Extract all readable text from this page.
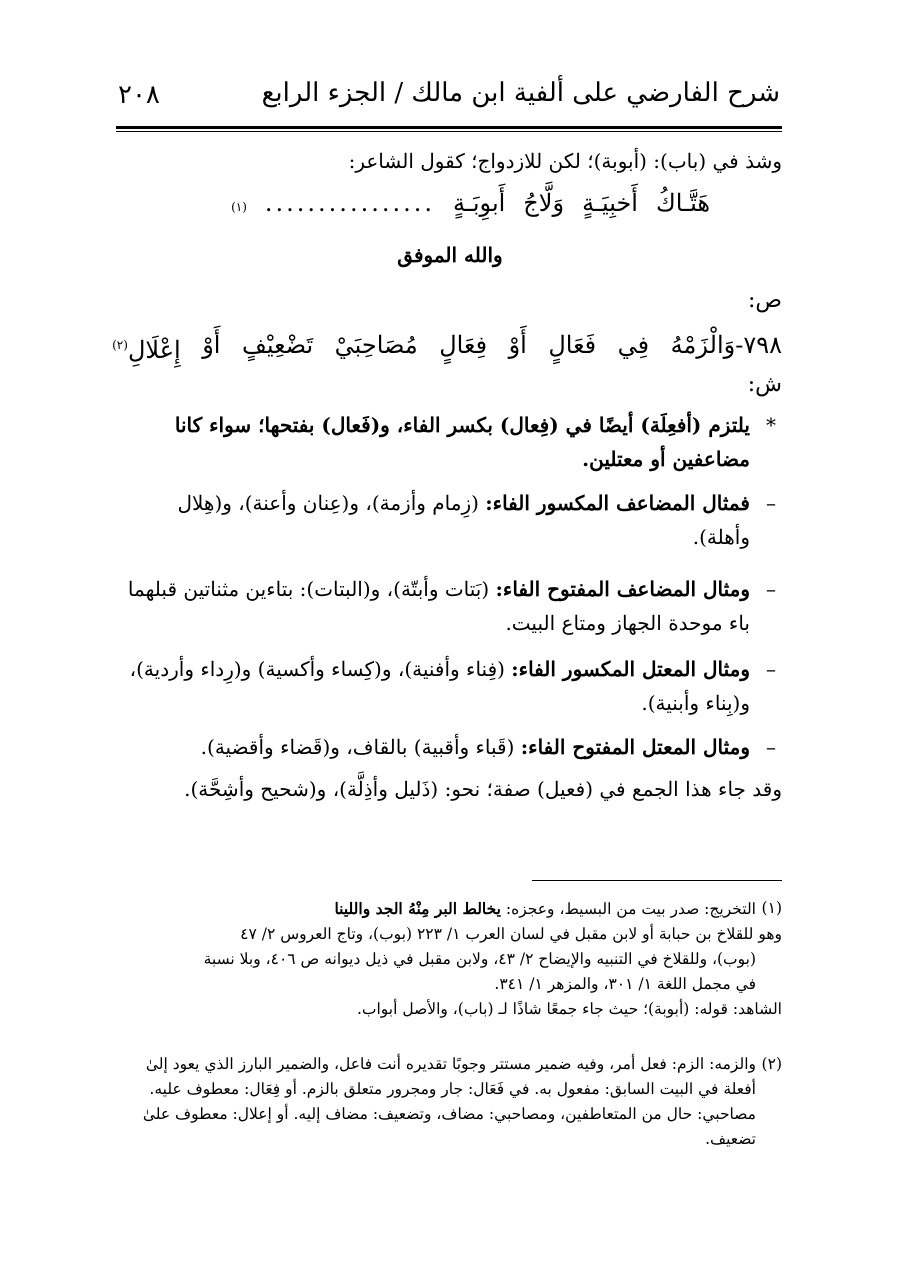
شرح الفارضي على ألفية ابن مالك / الجزء الرابع
٢٠٨
وشذ في (باب): (أبوبة)؛ لكن للازدواج؛ كقول الشاعر:
هَتَّـاكُ
أَخبِيَـةٍ
وَلَّاجُ
أَبوِبَـةٍ
................
(١)
والله الموفق
ص:
٧٩٨-وَالْزَمْهُ
فِي
فَعَالٍ
أَوْ
فِعَالٍ
مُصَاحِبَيْ
تَضْعِيْفٍ
أَوْ
إِعْلَالِ$^{(٢)}$
ش:
*
يلتزم (أفعِلَة) أيضًا في (فِعال) بكسر الفاء، و(فَعال) بفتحها؛ سواء كانا مضاعفين أو معتلين.
–
فمثال المضاعف المكسور الفاء: (زِمام وأزمة)، و(عِنان وأعنة)، و(هِلال وأهلة).
–
ومثال المضاعف المفتوح الفاء: (بَتات وأبتّة)، و(البتات): بتاءين مثناتين قبلهما باء موحدة الجهاز ومتاع البيت.
–
ومثال المعتل المكسور الفاء: (فِناء وأفنية)، و(كِساء وأكسية) و(رِداء وأردية)، و(بِناء وأبنية).
–
ومثال المعتل المفتوح الفاء: (قَباء وأقبية) بالقاف، و(قَضاء وأقضية).
وقد جاء هذا الجمع في (فعيل) صفة؛ نحو: (ذَليل وأذِلَّة)، و(شحيح وأشِحَّة).
(١)
التخريج: صدر بيت من البسيط، وعجزه: يخالط البر مِنْهُ الجد واللينا
وهو للقلاخ بن حبابة أو لابن مقبل في لسان العرب ١/ ٢٢٣ (بوب)، وتاج العروس ٢/ ٤٧
(بوب)، وللقلاخ في التنبيه والإيضاح ٢/ ٤٣، ولابن مقبل في ذيل ديوانه ص ٤٠٦، وبلا نسبة
في مجمل اللغة ١/ ٣٠١، والمزهر ١/ ٣٤١.
الشاهد: قوله: (أبوبة)؛ حيث جاء جمعًا شاذًا لـ (باب)، والأصل أبواب.
(٢)
والزمه: الزم: فعل أمر، وفيه ضمير مستتر وجوبًا تقديره أنت فاعل، والضمير البارز الذي يعود إلىٰ أفعلة في البيت السابق: مفعول به. في فَعَال: جار ومجرور متعلق بالزم. أو فِعَال: معطوف عليه. مصاحبي: حال من المتعاطفين، ومصاحبي: مضاف، وتضعيف: مضاف إليه. أو إعلال: معطوف علىٰ تضعيف.
